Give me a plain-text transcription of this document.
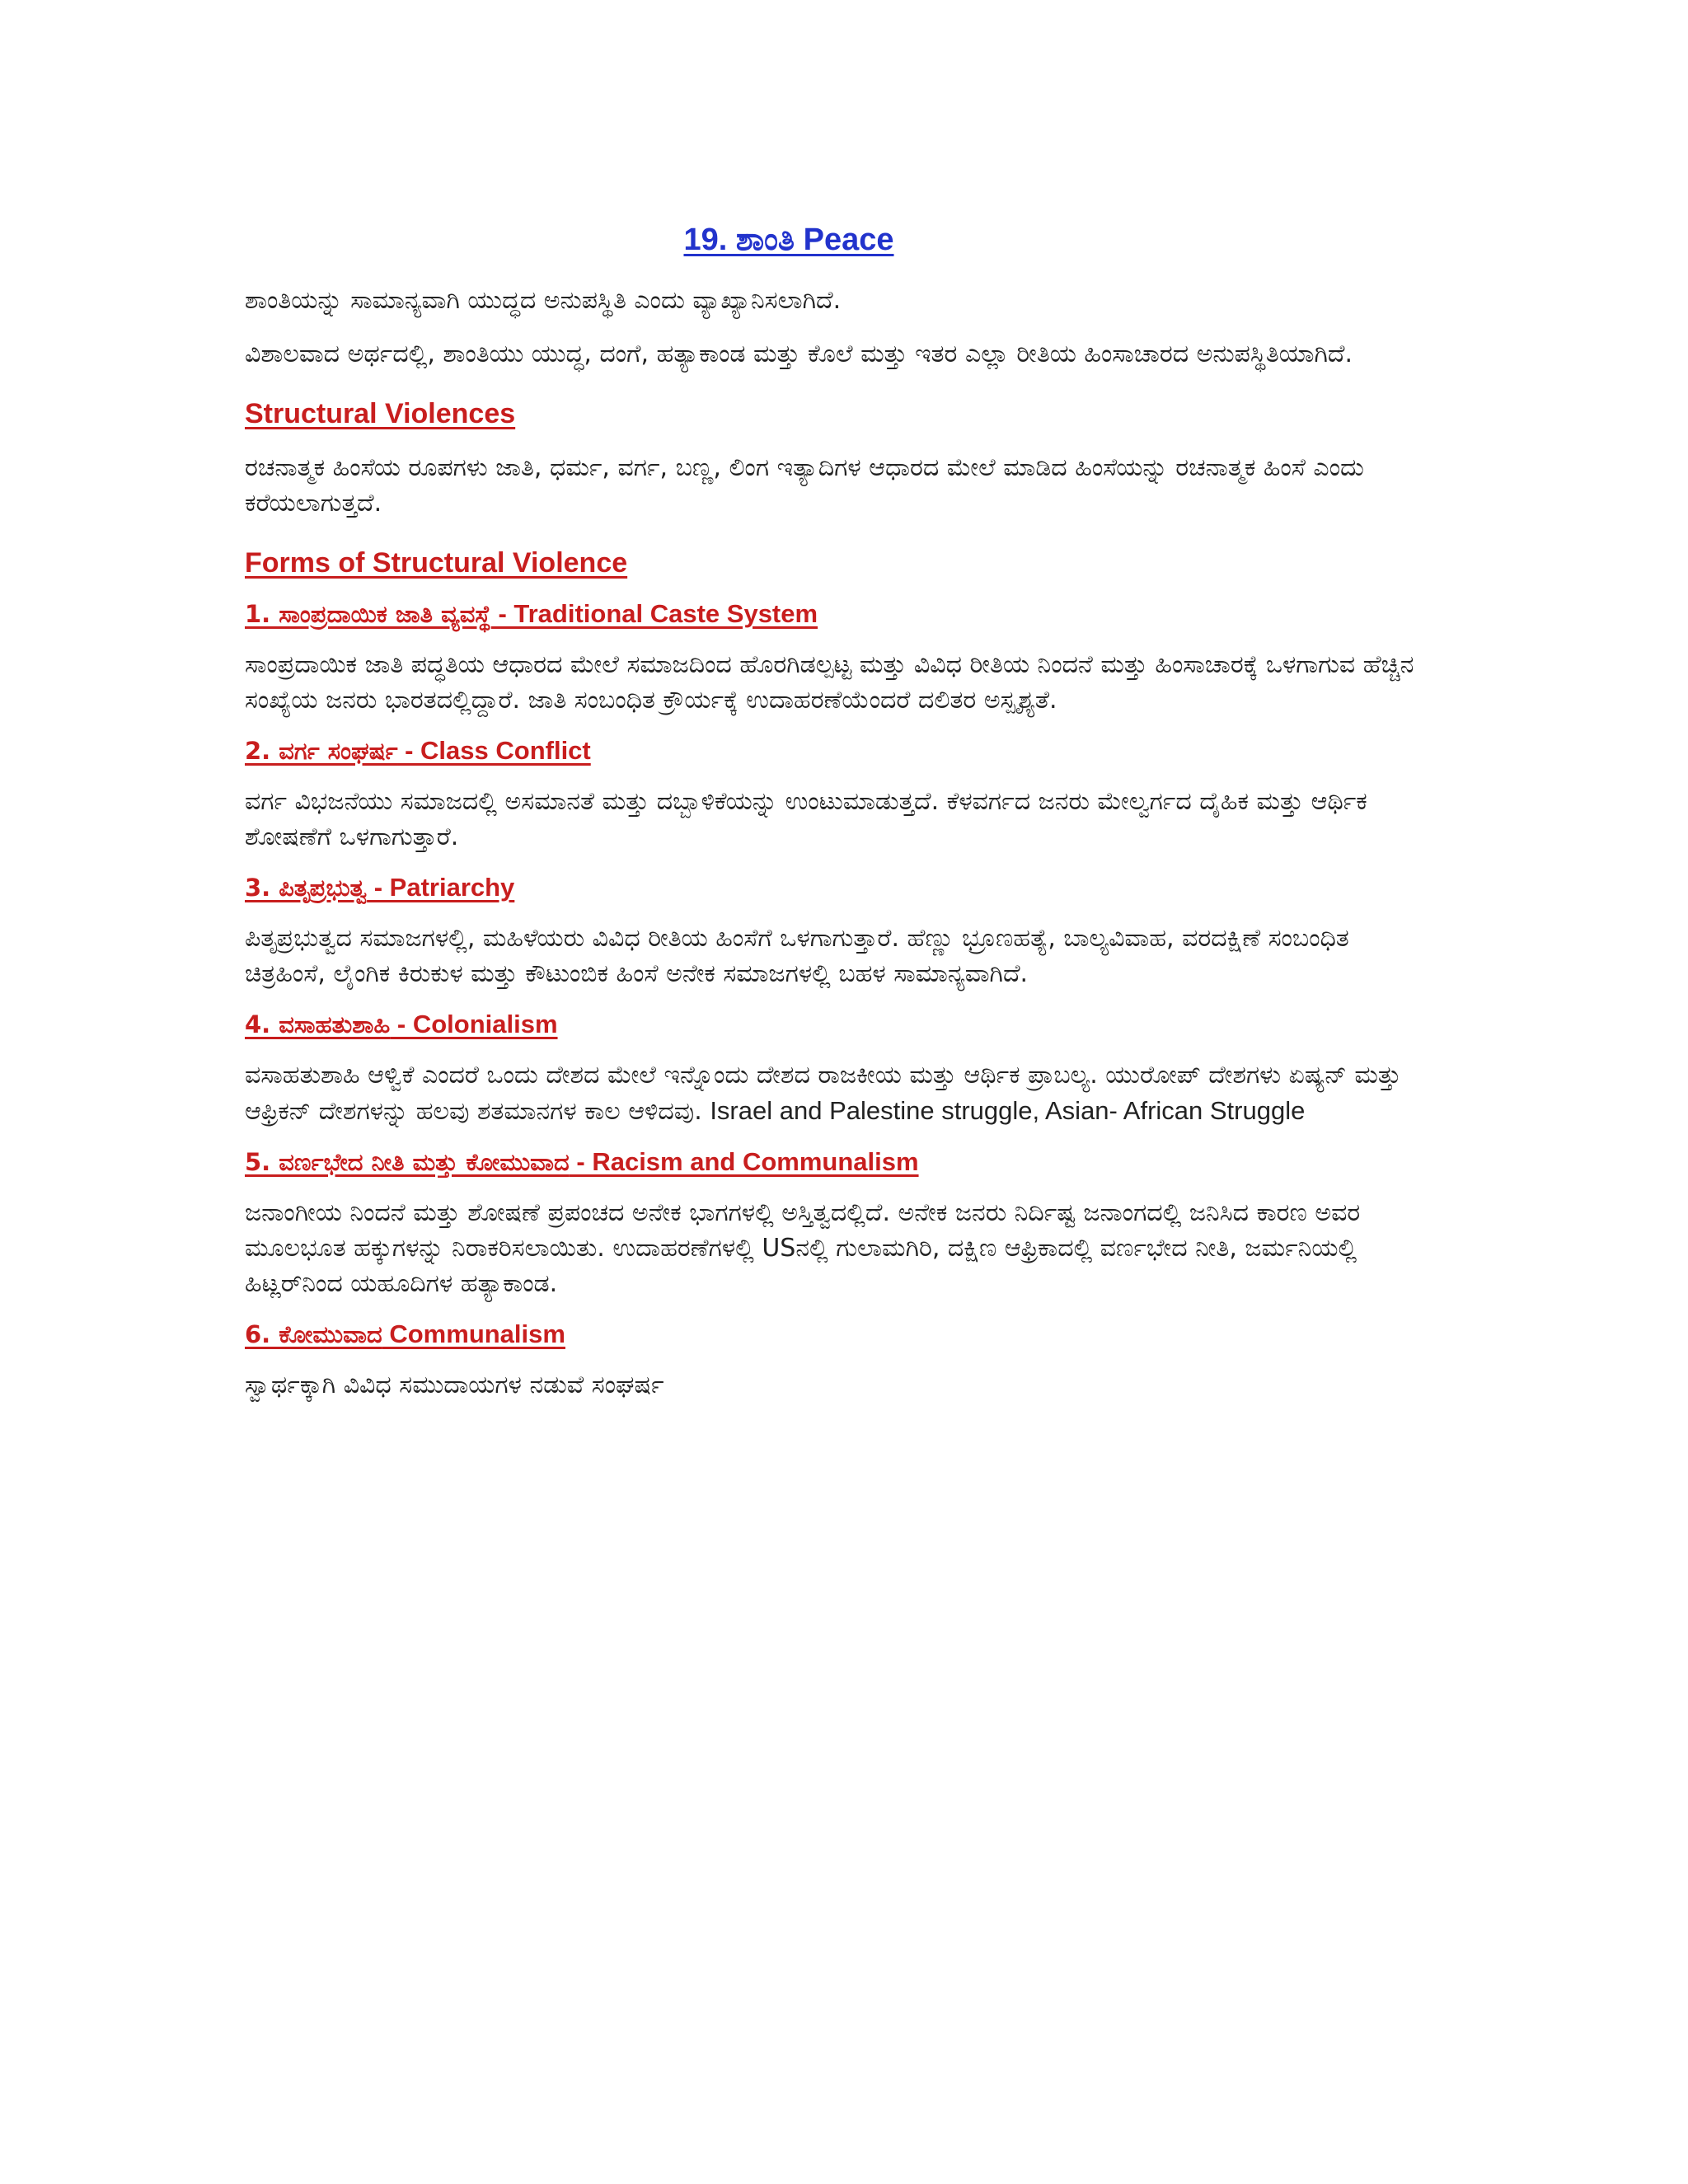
19. ಶಾಂತಿ Peace

ಶಾಂತಿಯನ್ನು ಸಾಮಾನ್ಯವಾಗಿ ಯುದ್ಧದ ಅನುಪಸ್ಥಿತಿ ಎಂದು ವ್ಯಾಖ್ಯಾನಿಸಲಾಗಿದೆ.

ವಿಶಾಲವಾದ ಅರ್ಥದಲ್ಲಿ, ಶಾಂತಿಯು ಯುದ್ಧ, ದಂಗೆ, ಹತ್ಯಾಕಾಂಡ ಮತ್ತು ಕೊಲೆ ಮತ್ತು ಇತರ ಎಲ್ಲಾ ರೀತಿಯ ಹಿಂಸಾಚಾರದ ಅನುಪಸ್ಥಿತಿಯಾಗಿದೆ.

Structural Violences

ರಚನಾತ್ಮಕ ಹಿಂಸೆಯ ರೂಪಗಳು ಜಾತಿ, ಧರ್ಮ, ವರ್ಗ, ಬಣ್ಣ, ಲಿಂಗ ಇತ್ಯಾದಿಗಳ ಆಧಾರದ ಮೇಲೆ ಮಾಡಿದ ಹಿಂಸೆಯನ್ನು ರಚನಾತ್ಮಕ ಹಿಂಸೆ ಎಂದು ಕರೆಯಲಾಗುತ್ತದೆ.

Forms of Structural Violence
1. ಸಾಂಪ್ರದಾಯಿಕ ಜಾತಿ ವ್ಯವಸ್ಥೆ - Traditional Caste System

ಸಾಂಪ್ರದಾಯಿಕ ಜಾತಿ ಪದ್ಧತಿಯ ಆಧಾರದ ಮೇಲೆ ಸಮಾಜದಿಂದ ಹೊರಗಿಡಲ್ಪಟ್ಟ ಮತ್ತು ವಿವಿಧ ರೀತಿಯ ನಿಂದನೆ ಮತ್ತು ಹಿಂಸಾಚಾರಕ್ಕೆ ಒಳಗಾಗುವ ಹೆಚ್ಚಿನ ಸಂಖ್ಯೆಯ ಜನರು ಭಾರತದಲ್ಲಿದ್ದಾರೆ. ಜಾತಿ ಸಂಬಂಧಿತ ಕ್ರೌರ್ಯಕ್ಕೆ ಉದಾಹರಣೆಯೆಂದರೆ ದಲಿತರ ಅಸ್ಪೃಶ್ಯತೆ.

2. ವರ್ಗ ಸಂಘರ್ಷ - Class Conflict

ವರ್ಗ ವಿಭಜನೆಯು ಸಮಾಜದಲ್ಲಿ ಅಸಮಾನತೆ ಮತ್ತು ದಬ್ಬಾಳಿಕೆಯನ್ನು ಉಂಟುಮಾಡುತ್ತದೆ. ಕೆಳವರ್ಗದ ಜನರು ಮೇಲ್ವರ್ಗದ ದೈಹಿಕ ಮತ್ತು ಆರ್ಥಿಕ ಶೋಷಣೆಗೆ ಒಳಗಾಗುತ್ತಾರೆ.

3. ಪಿತೃಪ್ರಭುತ್ವ - Patriarchy

ಪಿತೃಪ್ರಭುತ್ವದ ಸಮಾಜಗಳಲ್ಲಿ, ಮಹಿಳೆಯರು ವಿವಿಧ ರೀತಿಯ ಹಿಂಸೆಗೆ ಒಳಗಾಗುತ್ತಾರೆ. ಹೆಣ್ಣು ಭ್ರೂಣಹತ್ಯೆ, ಬಾಲ್ಯವಿವಾಹ, ವರದಕ್ಷಿಣೆ ಸಂಬಂಧಿತ ಚಿತ್ರಹಿಂಸೆ, ಲೈಂಗಿಕ ಕಿರುಕುಳ ಮತ್ತು ಕೌಟುಂಬಿಕ ಹಿಂಸೆ ಅನೇಕ ಸಮಾಜಗಳಲ್ಲಿ ಬಹಳ ಸಾಮಾನ್ಯವಾಗಿದೆ.

4. ವಸಾಹತುಶಾಹಿ - Colonialism

ವಸಾಹತುಶಾಹಿ ಆಳ್ವಿಕೆ ಎಂದರೆ ಒಂದು ದೇಶದ ಮೇಲೆ ಇನ್ನೊಂದು ದೇಶದ ರಾಜಕೀಯ ಮತ್ತು ಆರ್ಥಿಕ ಪ್ರಾಬಲ್ಯ. ಯುರೋಪ್ ದೇಶಗಳು ಏಷ್ಯನ್ ಮತ್ತು ಆಫ್ರಿಕನ್ ದೇಶಗಳನ್ನು ಹಲವು ಶತಮಾನಗಳ ಕಾಲ ಆಳಿದವು. Israel and Palestine struggle, Asian- African Struggle

5. ವರ್ಣಭೇದ ನೀತಿ ಮತ್ತು ಕೋಮುವಾದ - Racism and Communalism

ಜನಾಂಗೀಯ ನಿಂದನೆ ಮತ್ತು ಶೋಷಣೆ ಪ್ರಪಂಚದ ಅನೇಕ ಭಾಗಗಳಲ್ಲಿ ಅಸ್ತಿತ್ವದಲ್ಲಿದೆ. ಅನೇಕ ಜನರು ನಿರ್ದಿಷ್ಟ ಜನಾಂಗದಲ್ಲಿ ಜನಿಸಿದ ಕಾರಣ ಅವರ ಮೂಲಭೂತ ಹಕ್ಕುಗಳನ್ನು ನಿರಾಕರಿಸಲಾಯಿತು. ಉದಾಹರಣೆಗಳಲ್ಲಿ USನಲ್ಲಿ ಗುಲಾಮಗಿರಿ, ದಕ್ಷಿಣ ಆಫ್ರಿಕಾದಲ್ಲಿ ವರ್ಣಭೇದ ನೀತಿ, ಜರ್ಮನಿಯಲ್ಲಿ ಹಿಟ್ಲರ್‌ನಿಂದ ಯಹೂದಿಗಳ ಹತ್ಯಾಕಾಂಡ.

6. ಕೋಮುವಾದ Communalism

ಸ್ವಾರ್ಥಕ್ಕಾಗಿ ವಿವಿಧ ಸಮುದಾಯಗಳ ನಡುವೆ ಸಂಘರ್ಷ
